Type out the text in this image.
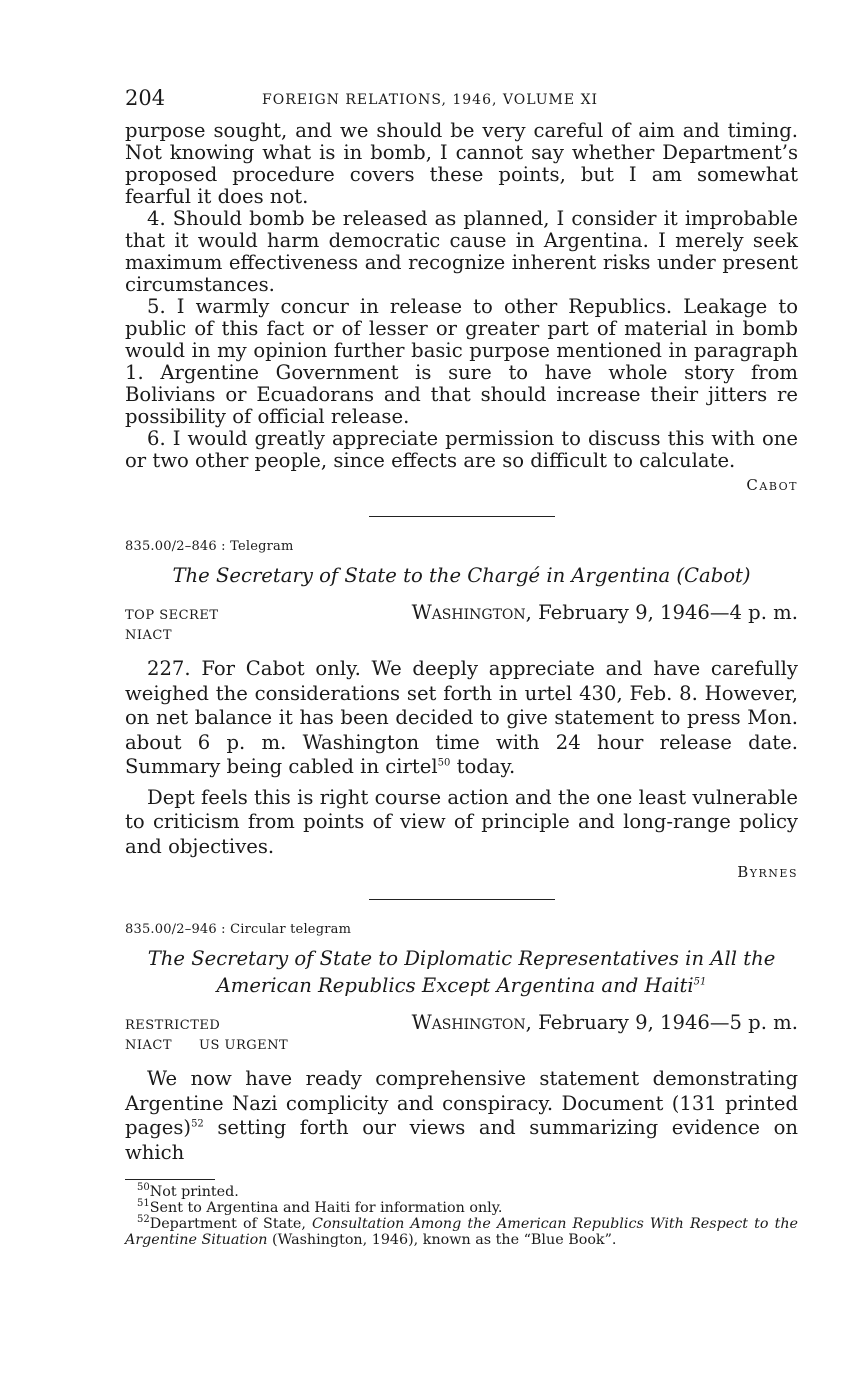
204	FOREIGN RELATIONS, 1946, VOLUME XI

purpose sought, and we should be very careful of aim and timing. Not knowing what is in bomb, I cannot say whether Department’s proposed procedure covers these points, but I am somewhat fearful it does not.

4. Should bomb be released as planned, I consider it improbable that it would harm democratic cause in Argentina. I merely seek maximum effectiveness and recognize inherent risks under present circumstances.

5. I warmly concur in release to other Republics. Leakage to public of this fact or of lesser or greater part of material in bomb would in my opinion further basic purpose mentioned in paragraph 1. Argentine Government is sure to have whole story from Bolivians or Ecuadorans and that should increase their jitters re possibility of official release.

6. I would greatly appreciate permission to discuss this with one or two other people, since effects are so difficult to calculate.

Cabot
835.00/2–846 : Telegram
The Secretary of State to the Chargé in Argentina (Cabot)
TOP SECRET	Washington, February 9, 1946—4 p. m.
NIACT

227. For Cabot only. We deeply appreciate and have carefully weighed the considerations set forth in urtel 430, Feb. 8. However, on net balance it has been decided to give statement to press Mon. about 6 p. m. Washington time with 24 hour release date. Summary being cabled in cirtel$^{50}$ today.

Dept feels this is right course action and the one least vulnerable to criticism from points of view of principle and long-range policy and objectives.

Byrnes
835.00/2–946 : Circular telegram
The Secretary of State to Diplomatic Representatives in All the American Republics Except Argentina and Haiti$^{51}$
RESTRICTED	Washington, February 9, 1946—5 p. m.
NIACT  US URGENT

We now have ready comprehensive statement demonstrating Argentine Nazi complicity and conspiracy. Document (131 printed pages)$^{52}$ setting forth our views and summarizing evidence on which

$^{50}$Not printed.
$^{51}$Sent to Argentina and Haiti for information only.
$^{52}$Department of State, Consultation Among the American Republics With Respect to the Argentine Situation (Washington, 1946), known as the “Blue Book”.
